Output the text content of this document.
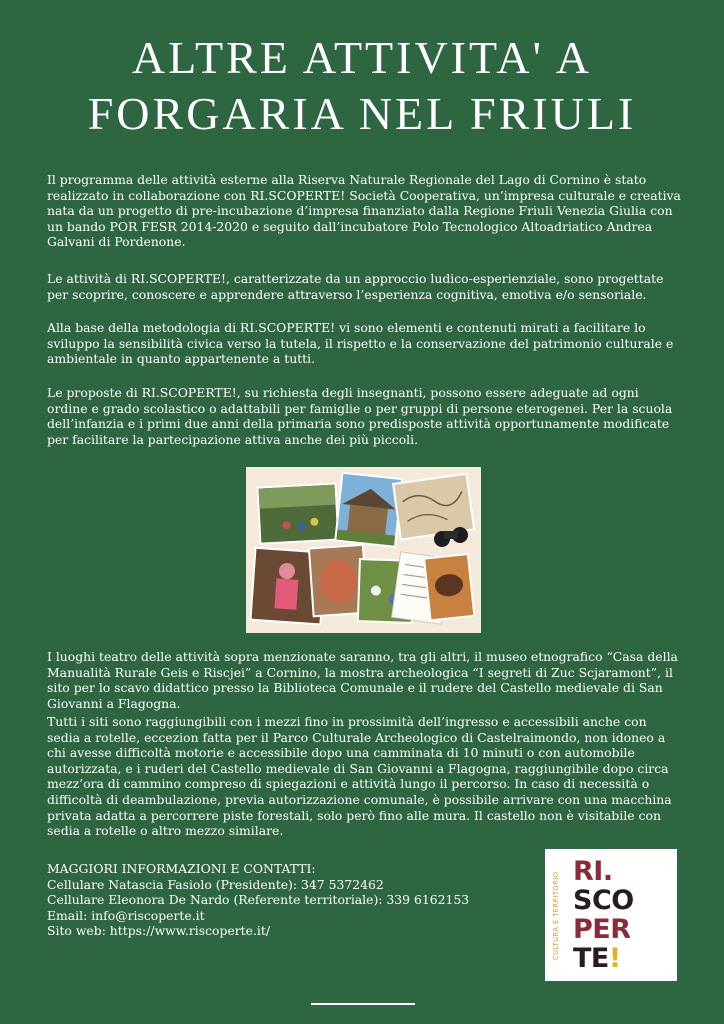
ALTRE ATTIVITA' A
FORGARIA NEL FRIULI

Il programma delle attività esterne alla Riserva Naturale Regionale del Lago di Cornino è stato realizzato in collaborazione con RI.SCOPERTE! Società Cooperativa, un’impresa culturale e creativa nata da un progetto di pre-incubazione d’impresa finanziato dalla Regione Friuli Venezia Giulia con un bando POR FESR 2014-2020 e seguito dall’incubatore Polo Tecnologico Altoadriatico Andrea Galvani di Pordenone.

Le attività di RI.SCOPERTE!, caratterizzate da un approccio ludico-esperienziale, sono progettate per scoprire, conoscere e apprendere attraverso l’esperienza cognitiva, emotiva e/o sensoriale.

Alla base della metodologia di RI.SCOPERTE! vi sono elementi e contenuti mirati a facilitare lo sviluppo la sensibilità civica verso la tutela, il rispetto e la conservazione del patrimonio culturale e ambientale in quanto appartenente a tutti.

Le proposte di RI.SCOPERTE!, su richiesta degli insegnanti, possono essere adeguate ad ogni ordine e grado scolastico o adattabili per famiglie o per gruppi di persone eterogenei. Per la scuola dell’infanzia e i primi due anni della primaria sono predisposte attività opportunamente modificate per facilitare la partecipazione attiva anche dei più piccoli.

I luoghi teatro delle attività sopra menzionate saranno, tra gli altri, il museo etnografico “Casa della Manualità Rurale Geis e Riscjei” a Cornino, la mostra archeologica “I segreti di Zuc Scjaramont”, il sito per lo scavo didattico presso la Biblioteca Comunale e il rudere del Castello medievale di San Giovanni a Flagogna.

Tutti i siti sono raggiungibili con i mezzi fino in prossimità dell’ingresso e accessibili anche con sedia a rotelle, eccezion fatta per il Parco Culturale Archeologico di Castelraimondo, non idoneo a chi avesse difficoltà motorie e accessibile dopo una camminata di 10 minuti o con automobile autorizzata, e i ruderi del Castello medievale di San Giovanni a Flagogna, raggiungibile dopo circa mezz’ora di cammino compreso di spiegazioni e attività lungo il percorso. In caso di necessità o difficoltà di deambulazione, previa autorizzazione comunale, è possibile arrivare con una macchina privata adatta a percorrere piste forestali, solo però fino alle mura. Il castello non è visitabile con sedia a rotelle o altro mezzo similare.

MAGGIORI INFORMAZIONI E CONTATTI:
Cellulare Natascia Fasiolo (Presidente): 347 5372462
Cellulare Eleonora De Nardo (Referente territoriale): 339 6162153
Email: info@riscoperte.it
Sito web: https://www.riscoperte.it/	CULTURA E TERRITORIO
RI.
SCO
PER
TE!
